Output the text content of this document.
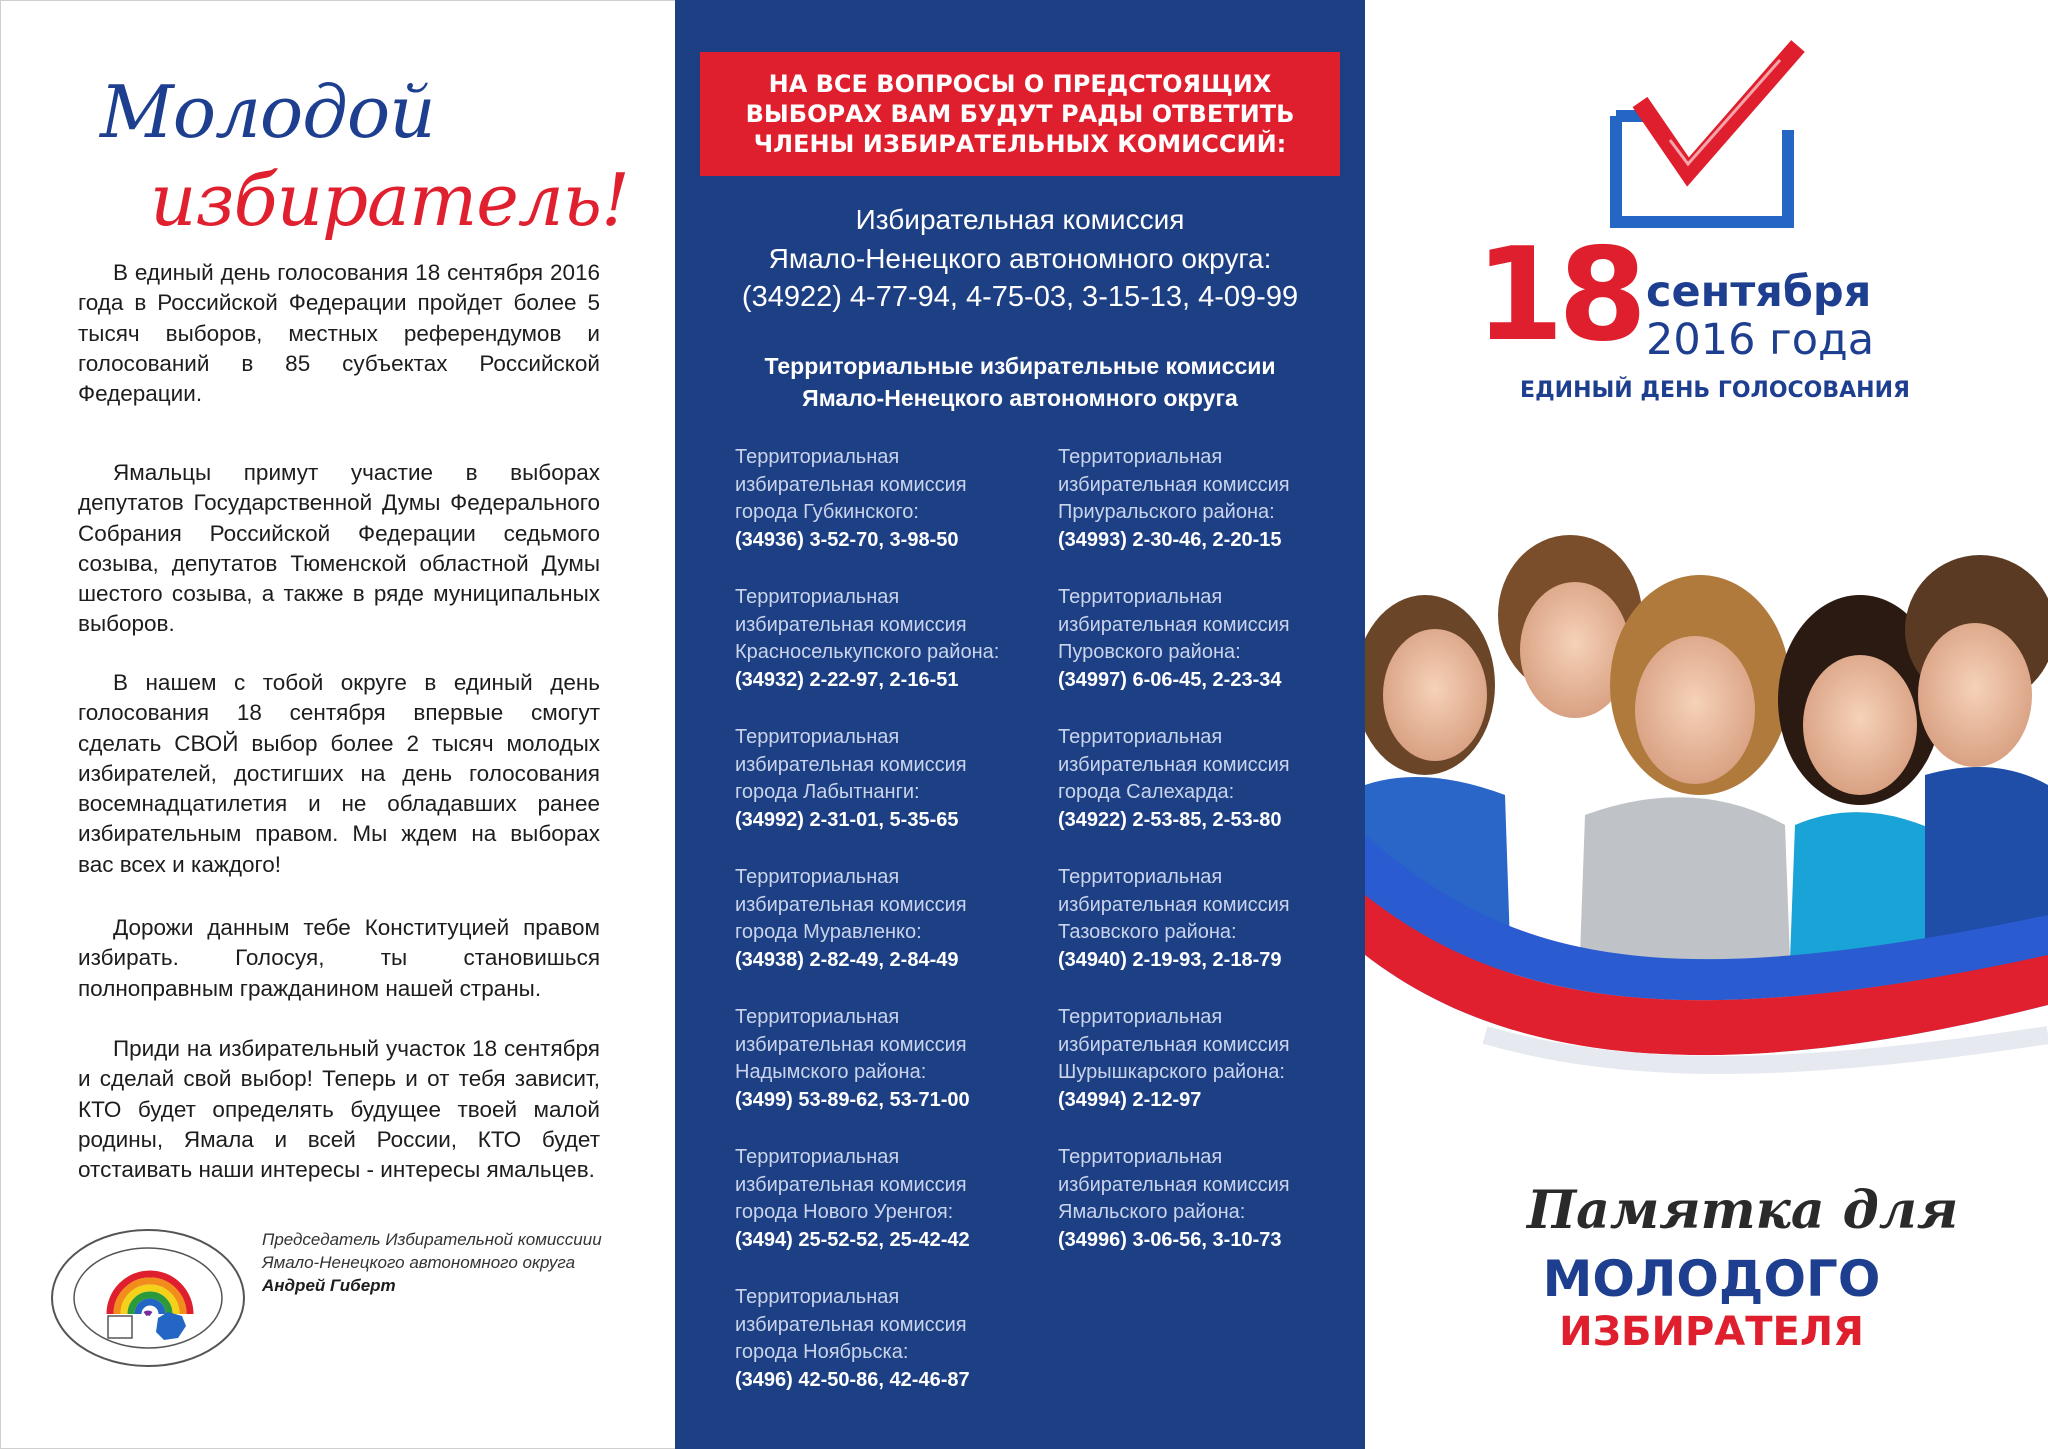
Молодой
избиратель!

В единый день голосования 18 сентября 2016 года в Российской Федерации пройдет более 5 тысяч выборов, местных референдумов и голосований в 85 субъектах Российской Федерации.

Ямальцы примут участие в выборах депутатов Государственной Думы Федерального Собрания Российской Федерации седьмого созыва, депутатов Тюменской областной Думы шестого созыва, а также в ряде муниципальных выборов.

В нашем с тобой округе в единый день голосования 18 сентября впервые смогут сделать СВОЙ выбор более 2 тысяч молодых избирателей, достигших на день голосования восемнадцатилетия и не обладавших ранее избирательным правом. Мы ждем на выборах вас всех и каждого!

Дорожи данным тебе Конституцией правом избирать. Голосуя, ты становишься полноправным гражданином нашей страны.

Приди на избирательный участок 18 сентября и сделай свой выбор! Теперь и от тебя зависит, КТО будет определять будущее твоей малой родины, Ямала и всей России, КТО будет отстаивать наши интересы - интересы ямальцев.

Председатель Избирательной комиссиии
Ямало-Ненецкого автономного округа
Андрей Гиберт
НА ВСЕ ВОПРОСЫ О ПРЕДСТОЯЩИХ
ВЫБОРАХ ВАМ БУДУТ РАДЫ ОТВЕТИТЬ
ЧЛЕНЫ ИЗБИРАТЕЛЬНЫХ КОМИССИЙ:
Избирательная комиссия
Ямало-Ненецкого автономного округа:
(34922) 4-77-94, 4-75-03, 3-15-13, 4-09-99
Территориальные избирательные комиссии
Ямало-Ненецкого автономного округа
Территориальная
избирательная комиссия
города Губкинского:
(34936) 3-52-70, 3-98-50
Территориальная
избирательная комиссия
Приуральского района:
(34993) 2-30-46, 2-20-15
Территориальная
избирательная комиссия
Красноселькупского района:
(34932) 2-22-97, 2-16-51
Территориальная
избирательная комиссия
Пуровского района:
(34997) 6-06-45, 2-23-34
Территориальная
избирательная комиссия
города Лабытнанги:
(34992) 2-31-01, 5-35-65
Территориальная
избирательная комиссия
города Салехарда:
(34922) 2-53-85, 2-53-80
Территориальная
избирательная комиссия
города Муравленко:
(34938) 2-82-49, 2-84-49
Территориальная
избирательная комиссия
Тазовского района:
(34940) 2-19-93, 2-18-79
Территориальная
избирательная комиссия
Надымского района:
(3499) 53-89-62, 53-71-00
Территориальная
избирательная комиссия
Шурышкарского района:
(34994) 2-12-97
Территориальная
избирательная комиссия
города Нового Уренгоя:
(3494) 25-52-52, 25-42-42
Территориальная
избирательная комиссия
Ямальского района:
(34996) 3-06-56, 3-10-73
Территориальная
избирательная комиссия
города Ноябрьска:
(3496) 42-50-86, 42-46-87
18 сентября
2016 года
ЕДИНЫЙ ДЕНЬ ГОЛОСОВАНИЯ
Памятка для
МОЛОДОГО
ИЗБИРАТЕЛЯ
